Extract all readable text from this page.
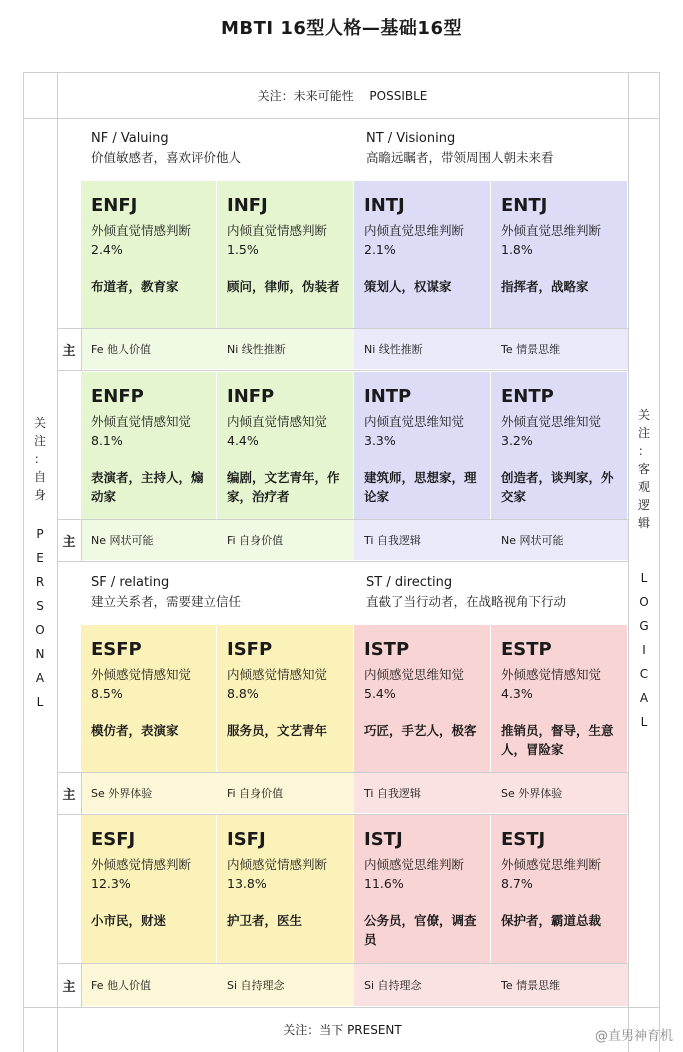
MBTI 16型人格—基础16型
关注：未来可能性　 POSSIBLE
关注：当下 PRESENT
关
注
：
自
身
P
E
R
S
O
N
A
L
关
注
：
客
观
逻
辑
L
O
G
I
C
A
L
NF / Valuing
价值敏感者，喜欢评价他人
NT / Visioning
高瞻远瞩者，带领周围人朝未来看
SF / relating
建立关系者，需要建立信任
ST / directing
直截了当行动者，在战略视角下行动
ENFJ
外倾直觉情感判断
2.4%
布道者，教育家
INFJ
内倾直觉情感判断
1.5%
顾问，律师，伪装者
INTJ
内倾直觉思维判断
2.1%
策划人，权谋家
ENTJ
外倾直觉思维判断
1.8%
指挥者，战略家
主	Fe 他人价值	Ni 线性推断	Ni 线性推断	Te 情景思维
ENFP
外倾直觉情感知觉
8.1%
表演者，主持人，煽动家
INFP
内倾直觉情感知觉
4.4%
编剧，文艺青年，作家，治疗者
INTP
内倾直觉思维知觉
3.3%
建筑师，思想家，理论家
ENTP
外倾直觉思维知觉
3.2%
创造者，谈判家，外交家
主	Ne 网状可能	Fi 自身价值	Ti 自我逻辑	Ne 网状可能
ESFP
外倾感觉情感知觉
8.5%
模仿者，表演家
ISFP
内倾感觉情感知觉
8.8%
服务员，文艺青年
ISTP
内倾感觉思维知觉
5.4%
巧匠，手艺人，极客
ESTP
外倾感觉情感知觉
4.3%
推销员，督导，生意人，冒险家
主	Se 外界体验	Fi 自身价值	Ti 自我逻辑	Se 外界体验
ESFJ
外倾感觉情感判断
12.3%
小市民，财迷
ISFJ
内倾感觉情感判断
13.8%
护卫者，医生
ISTJ
内倾感觉思维判断
11.6%
公务员，官僚，调查员
ESTJ
外倾感觉思维判断
8.7%
保护者，霸道总裁
主	Fe 他人价值	Si 自持理念	Si 自持理念	Te 情景思维
@直男神育机
